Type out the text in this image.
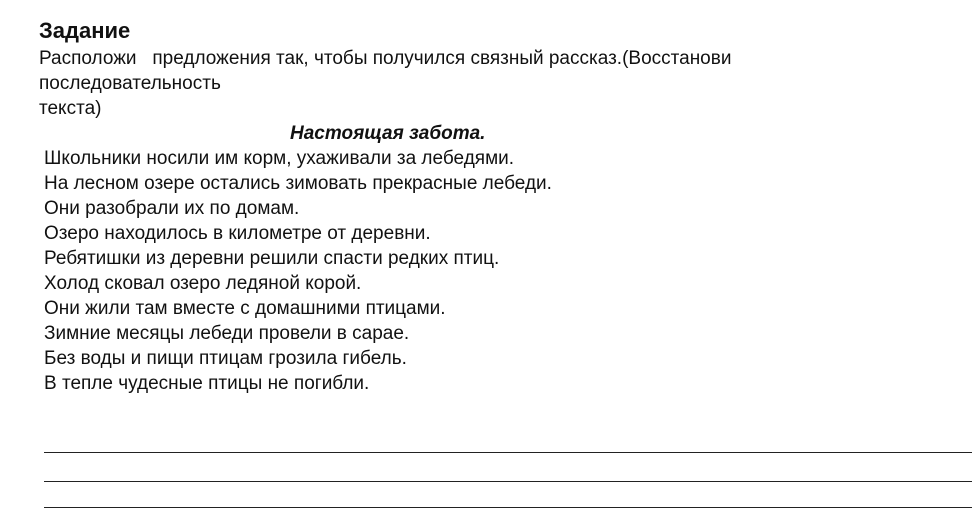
Задание

Расположи   предложения так, чтобы получился связный рассказ.(Восстанови
последовательность
текста)

Настоящая забота.
Школьники носили им корм, ухаживали за лебедями.
На лесном озере остались зимовать прекрасные лебеди.
Они разобрали их по домам.
Озеро находилось в километре от деревни.
Ребятишки из деревни решили спасти редких птиц.
Холод сковал озеро ледяной корой.
Они жили там вместе с домашними птицами.
Зимние месяцы лебеди провели в сарае.
Без воды и пищи птицам грозила гибель.
В тепле чудесные птицы не погибли.
